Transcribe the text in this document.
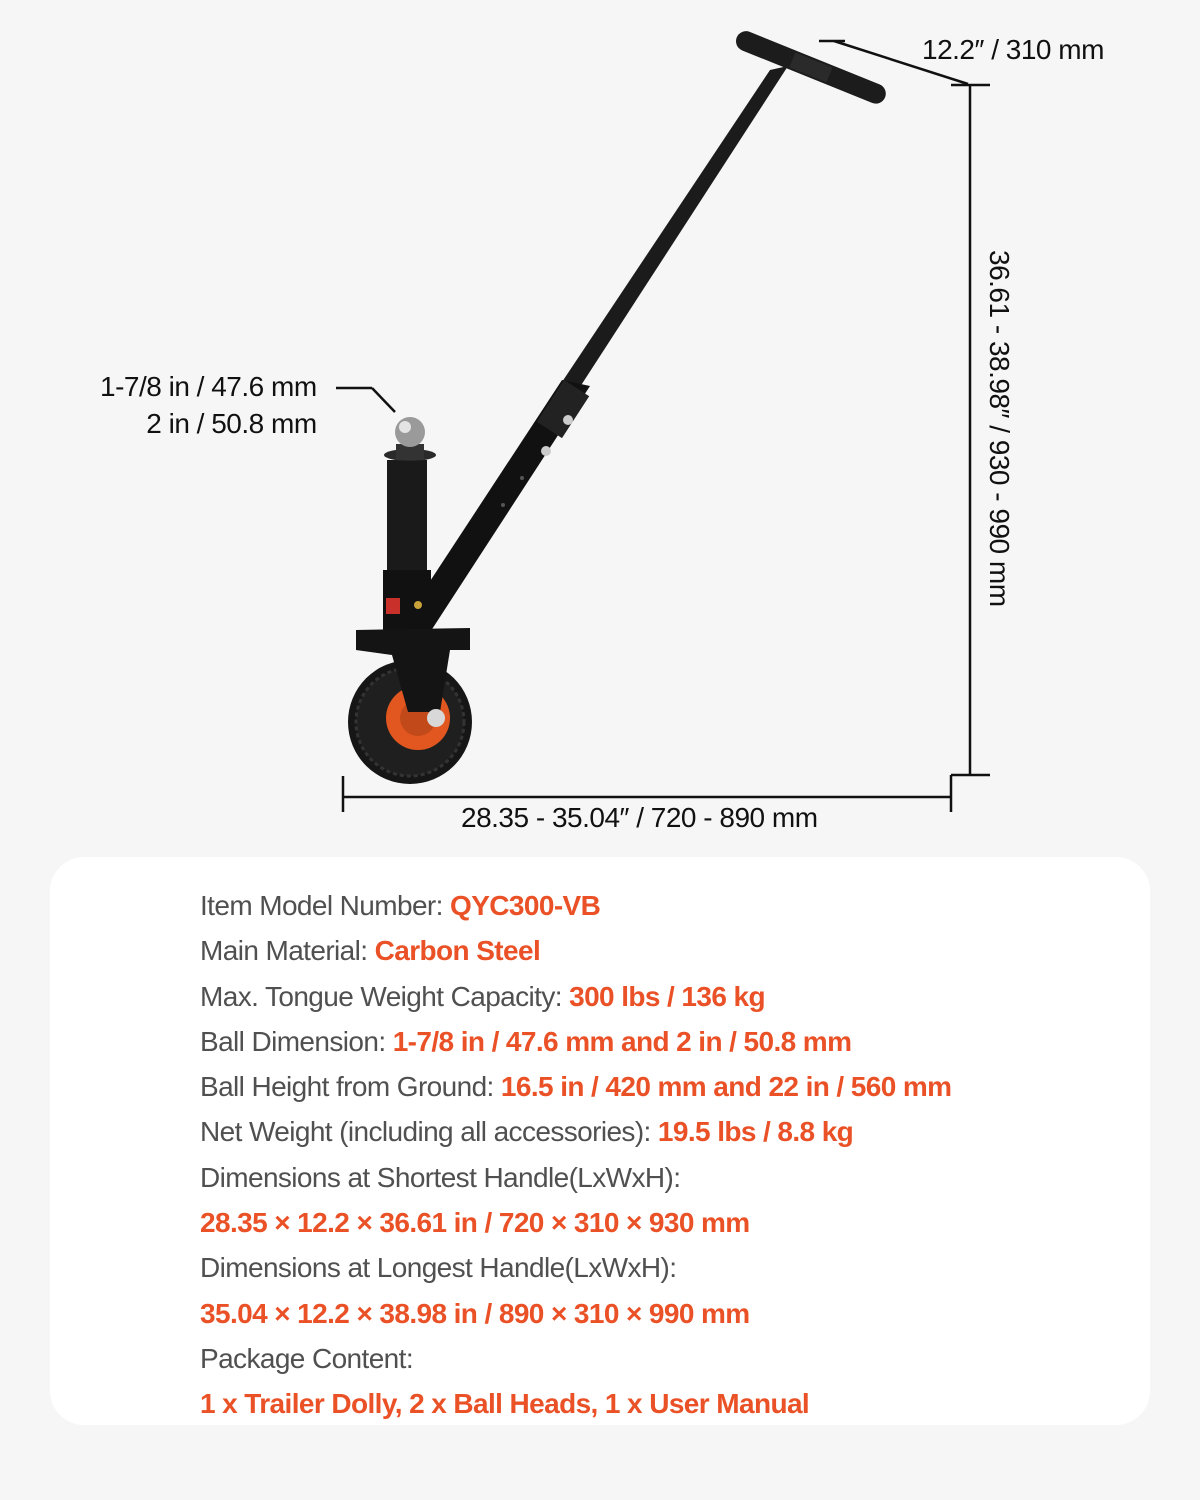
12.2″ / 310 mm
1-7/8 in / 47.6 mm
2 in / 50.8 mm	36.61 - 38.98″ / 930 - 990 mm
28.35 - 35.04″ / 720 - 890 mm
Item Model Number: QYC300-VB
Main Material: Carbon Steel
Max. Tongue Weight Capacity: 300 lbs / 136 kg
Ball Dimension: 1-7/8 in / 47.6 mm and 2 in / 50.8 mm
Ball Height from Ground: 16.5 in / 420 mm and 22 in / 560 mm
Net Weight (including all accessories): 19.5 lbs / 8.8 kg
Dimensions at Shortest Handle(LxWxH):
28.35 × 12.2 × 36.61 in / 720 × 310 × 930 mm
Dimensions at Longest Handle(LxWxH):
35.04 × 12.2 × 38.98 in / 890 × 310 × 990 mm
Package Content:
1 x Trailer Dolly, 2 x Ball Heads, 1 x User Manual
